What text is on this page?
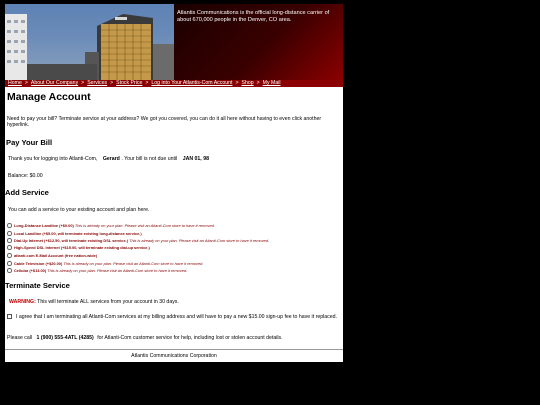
Atlantis Communications is the official long-distance carrier of about 670,000 people in the Denver, CO area.
Home > About Our Company > Services > Stock Price > Log into Your Atlantis-Com Account > Shop > My Mail
Manage Account
Need to pay your bill? Terminate service at your address? We got you covered, you can do it all here without having to even click another hyperlink.
Pay Your Bill
Thank you for logging into Atlanti-Com, Gerard . Your bill is not due until JAN 01, 98
Balance: $0.00
Add Service
You can add a service to your existing account and plan here.
Long-Distance Landline (+$0.00) This is already on your plan. Please visit an Atlanti-Com store to have it removed.
Local Landline (+$5.00, will terminate existing long-distance service.)
Dial-Up Internet (+$12.50, will terminate existing DSL service.) This is already on your plan. Please visit an Atlanti-Com store to have it removed.
High-Speed DSL Internet (+$15.00, will terminate existing dial-up service.)
atlanti.com E-Mail Account (free nation-wide)
Cable Television (+$20.00) This is already on your plan. Please visit an Atlanti-Com store to have it removed.
Cellular (+$13.00) This is already on your plan. Please visit an Atlanti-Com store to have it removed.
Terminate Service
WARNING: This will terminate ALL services from your account in 30 days.
I agree that I am terminating all Atlanti-Com services at my billing address and will have to pay a new $15.00 sign-up fee to have it replaced.
Please call 1 (900) 555-4ATL (4285) for Atlanti-Com customer service for help, including lost or stolen account details.
Atlantis Communications Corporation
